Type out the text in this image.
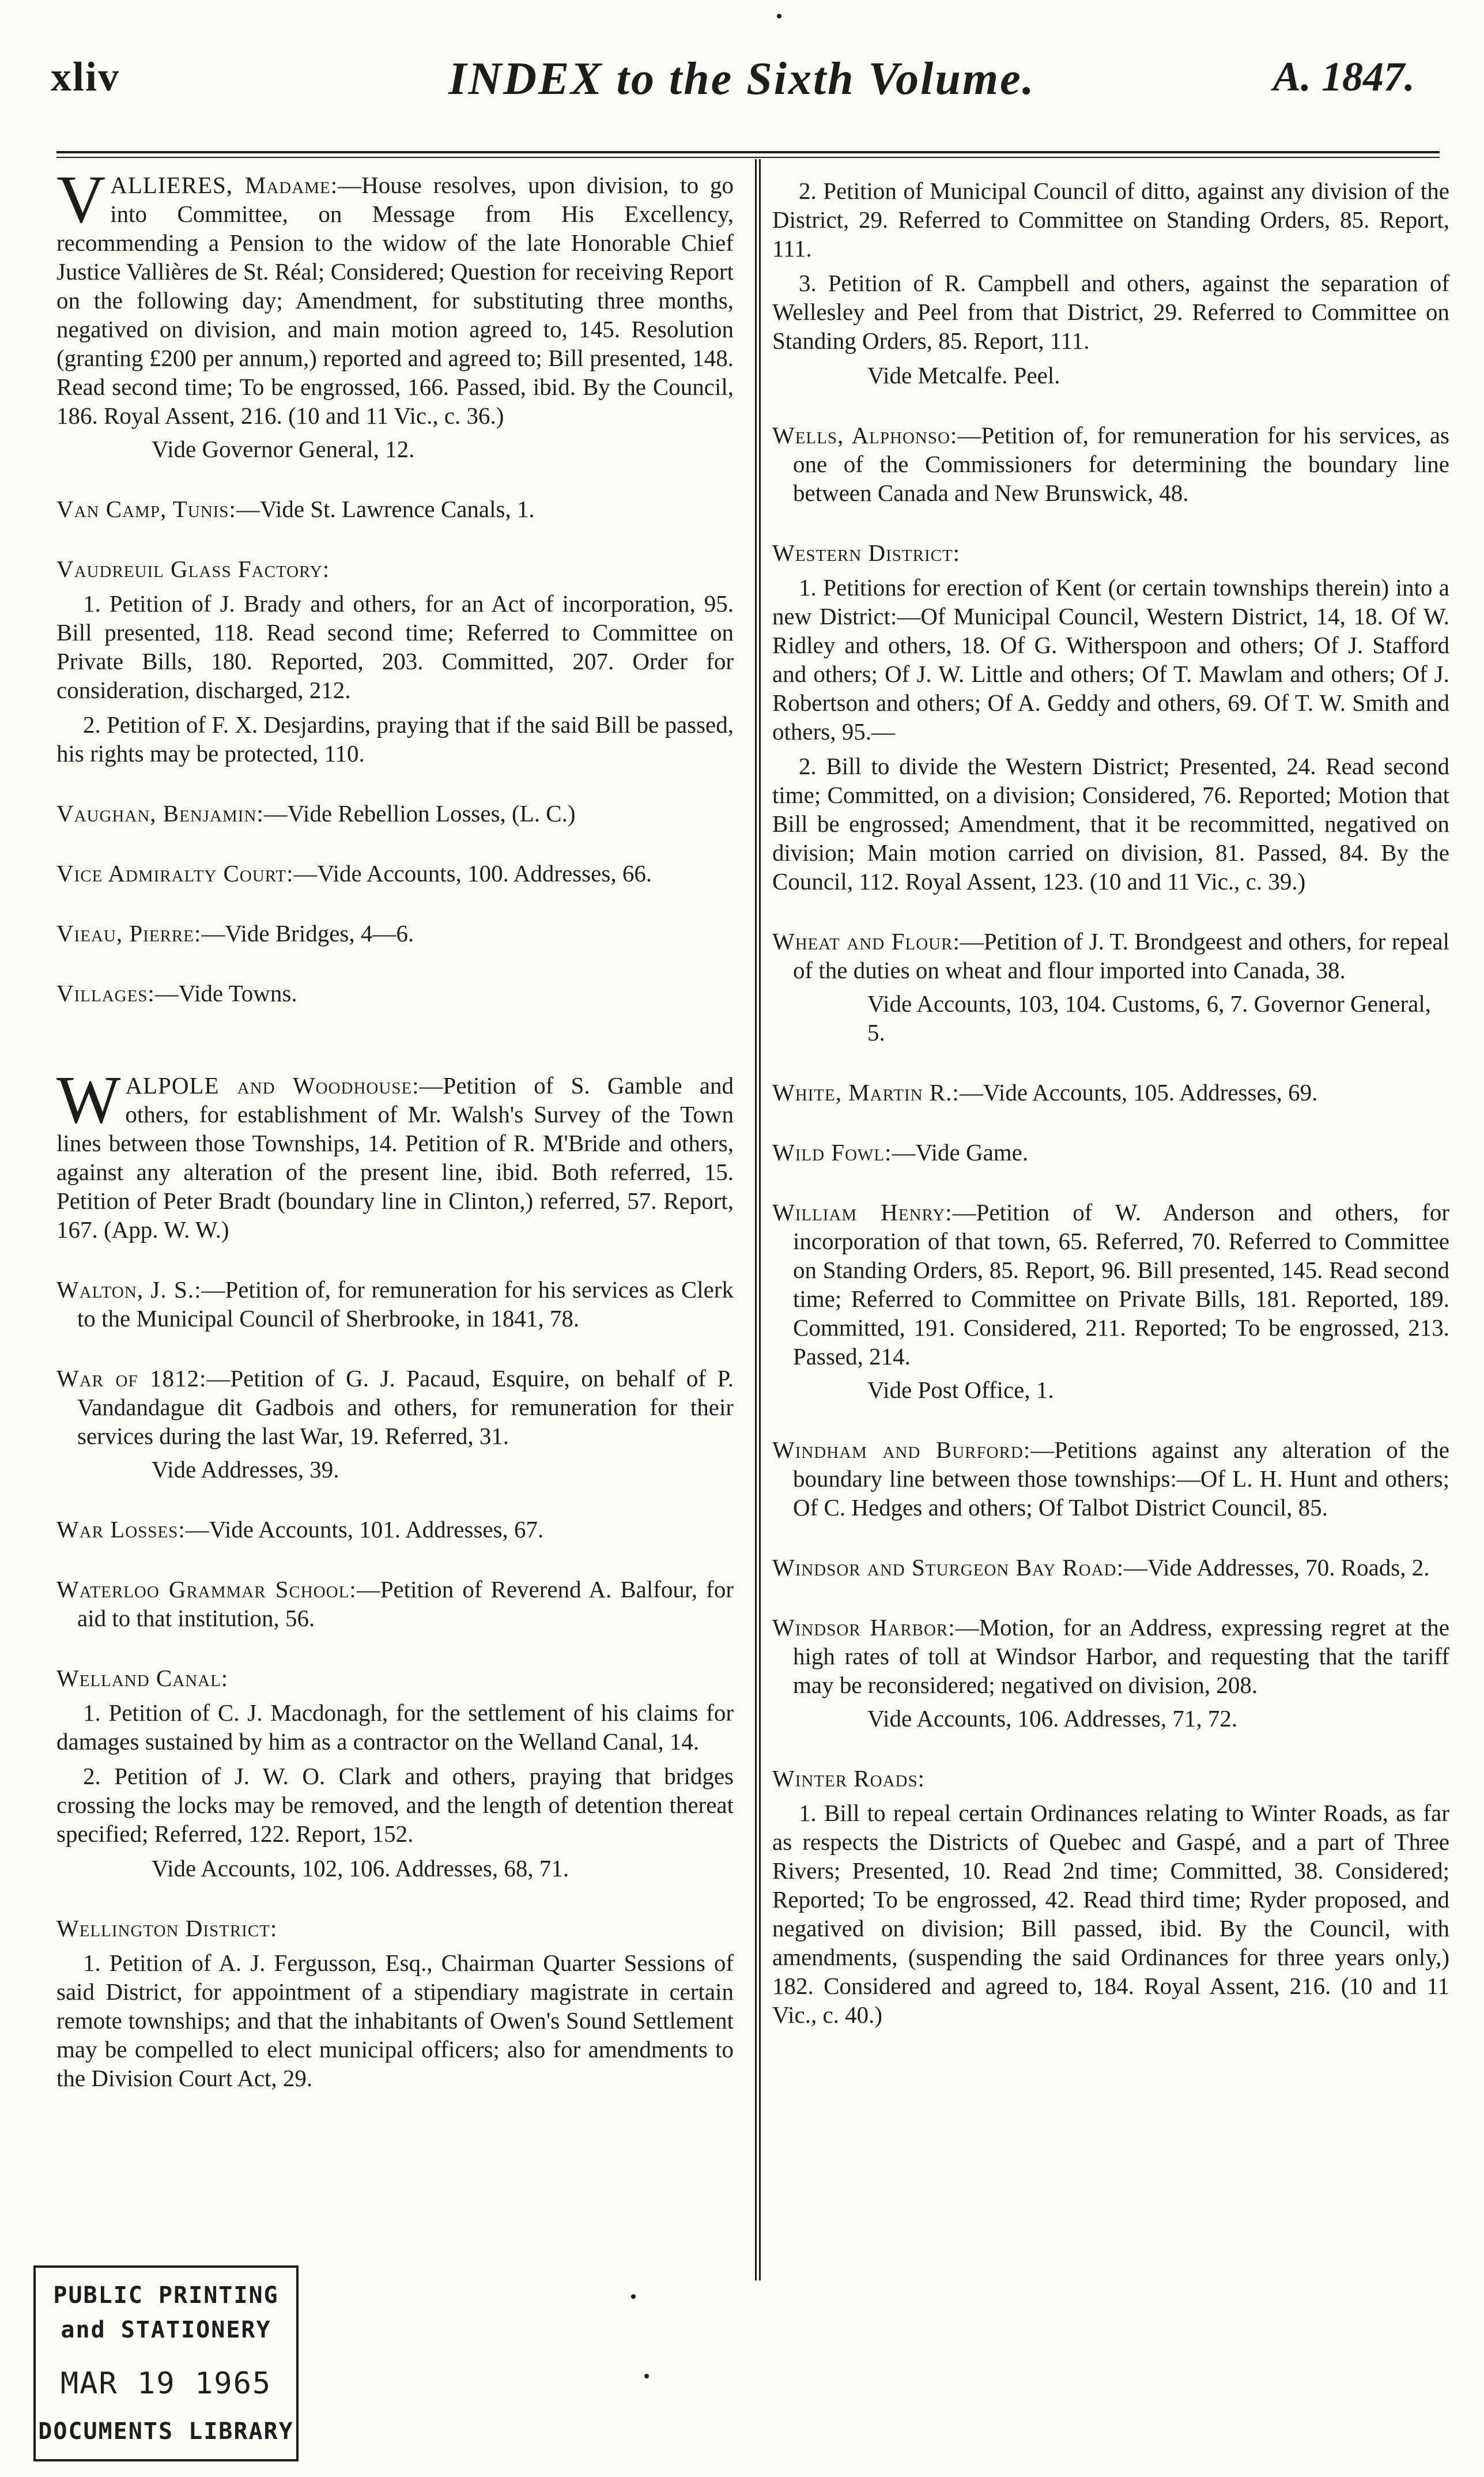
xliv	INDEX to the Sixth Volume.	A. 1847.
V ALLIERES, Madame:—House resolves, upon division, to go into Committee, on Message from His Excellency, recommending a Pension to the widow of the late Honorable Chief Justice Vallières de St. Réal; Considered; Question for receiving Report on the following day; Amendment, for substituting three months, negatived on division, and main motion agreed to, 145. Resolution (granting £200 per annum,) reported and agreed to; Bill presented, 148. Read second time; To be engrossed, 166. Passed, ibid. By the Council, 186. Royal Assent, 216. (10 and 11 Vic., c. 36.)
Vide Governor General, 12.
Van Camp, Tunis:—Vide St. Lawrence Canals, 1.
Vaudreuil Glass Factory:
1. Petition of J. Brady and others, for an Act of incorporation, 95. Bill presented, 118. Read second time; Referred to Committee on Private Bills, 180. Reported, 203. Committed, 207. Order for consideration, discharged, 212.
2. Petition of F. X. Desjardins, praying that if the said Bill be passed, his rights may be protected, 110.
Vaughan, Benjamin:—Vide Rebellion Losses, (L. C.)
Vice Admiralty Court:—Vide Accounts, 100. Addresses, 66.
Vieau, Pierre:—Vide Bridges, 4—6.
Villages:—Vide Towns.
W ALPOLE and Woodhouse:—Petition of S. Gamble and others, for establishment of Mr. Walsh's Survey of the Town lines between those Townships, 14. Petition of R. M'Bride and others, against any alteration of the present line, ibid. Both referred, 15. Petition of Peter Bradt (boundary line in Clinton,) referred, 57. Report, 167. (App. W. W.)
Walton, J. S.:—Petition of, for remuneration for his services as Clerk to the Municipal Council of Sherbrooke, in 1841, 78.
War of 1812:—Petition of G. J. Pacaud, Esquire, on behalf of P. Vandandague dit Gadbois and others, for remuneration for their services during the last War, 19. Referred, 31.
Vide Addresses, 39.
War Losses:—Vide Accounts, 101. Addresses, 67.
Waterloo Grammar School:—Petition of Reverend A. Balfour, for aid to that institution, 56.
Welland Canal:
1. Petition of C. J. Macdonagh, for the settlement of his claims for damages sustained by him as a contractor on the Welland Canal, 14.
2. Petition of J. W. O. Clark and others, praying that bridges crossing the locks may be removed, and the length of detention thereat specified; Referred, 122. Report, 152.
Vide Accounts, 102, 106. Addresses, 68, 71.
Wellington District:
1. Petition of A. J. Fergusson, Esq., Chairman Quarter Sessions of said District, for appointment of a stipendiary magistrate in certain remote townships; and that the inhabitants of Owen's Sound Settlement may be compelled to elect municipal officers; also for amendments to the Division Court Act, 29.
2. Petition of Municipal Council of ditto, against any division of the District, 29. Referred to Committee on Standing Orders, 85. Report, 111.
3. Petition of R. Campbell and others, against the separation of Wellesley and Peel from that District, 29. Referred to Committee on Standing Orders, 85. Report, 111.
Vide Metcalfe. Peel.
Wells, Alphonso:—Petition of, for remuneration for his services, as one of the Commissioners for determining the boundary line between Canada and New Brunswick, 48.
Western District:
1. Petitions for erection of Kent (or certain townships therein) into a new District:—Of Municipal Council, Western District, 14, 18. Of W. Ridley and others, 18. Of G. Witherspoon and others; Of J. Stafford and others; Of J. W. Little and others; Of T. Mawlam and others; Of J. Robertson and others; Of A. Geddy and others, 69. Of T. W. Smith and others, 95.—
2. Bill to divide the Western District; Presented, 24. Read second time; Committed, on a division; Considered, 76. Reported; Motion that Bill be engrossed; Amendment, that it be recommitted, negatived on division; Main motion carried on division, 81. Passed, 84. By the Council, 112. Royal Assent, 123. (10 and 11 Vic., c. 39.)
Wheat and Flour:—Petition of J. T. Brondgeest and others, for repeal of the duties on wheat and flour imported into Canada, 38.
Vide Accounts, 103, 104. Customs, 6, 7. Governor General, 5.
White, Martin R.:—Vide Accounts, 105. Addresses, 69.
Wild Fowl:—Vide Game.
William Henry:—Petition of W. Anderson and others, for incorporation of that town, 65. Referred, 70. Referred to Committee on Standing Orders, 85. Report, 96. Bill presented, 145. Read second time; Referred to Committee on Private Bills, 181. Reported, 189. Committed, 191. Considered, 211. Reported; To be engrossed, 213. Passed, 214.
Vide Post Office, 1.
Windham and Burford:—Petitions against any alteration of the boundary line between those townships:—Of L. H. Hunt and others; Of C. Hedges and others; Of Talbot District Council, 85.
Windsor and Sturgeon Bay Road:—Vide Addresses, 70. Roads, 2.
Windsor Harbor:—Motion, for an Address, expressing regret at the high rates of toll at Windsor Harbor, and requesting that the tariff may be reconsidered; negatived on division, 208.
Vide Accounts, 106. Addresses, 71, 72.
Winter Roads:
1. Bill to repeal certain Ordinances relating to Winter Roads, as far as respects the Districts of Quebec and Gaspé, and a part of Three Rivers; Presented, 10. Read 2nd time; Committed, 38. Considered; Reported; To be engrossed, 42. Read third time; Ryder proposed, and negatived on division; Bill passed, ibid. By the Council, with amendments, (suspending the said Ordinances for three years only,) 182. Considered and agreed to, 184. Royal Assent, 216. (10 and 11 Vic., c. 40.)
PUBLIC PRINTING
and STATIONERY
MAR 19 1965
DOCUMENTS LIBRARY
